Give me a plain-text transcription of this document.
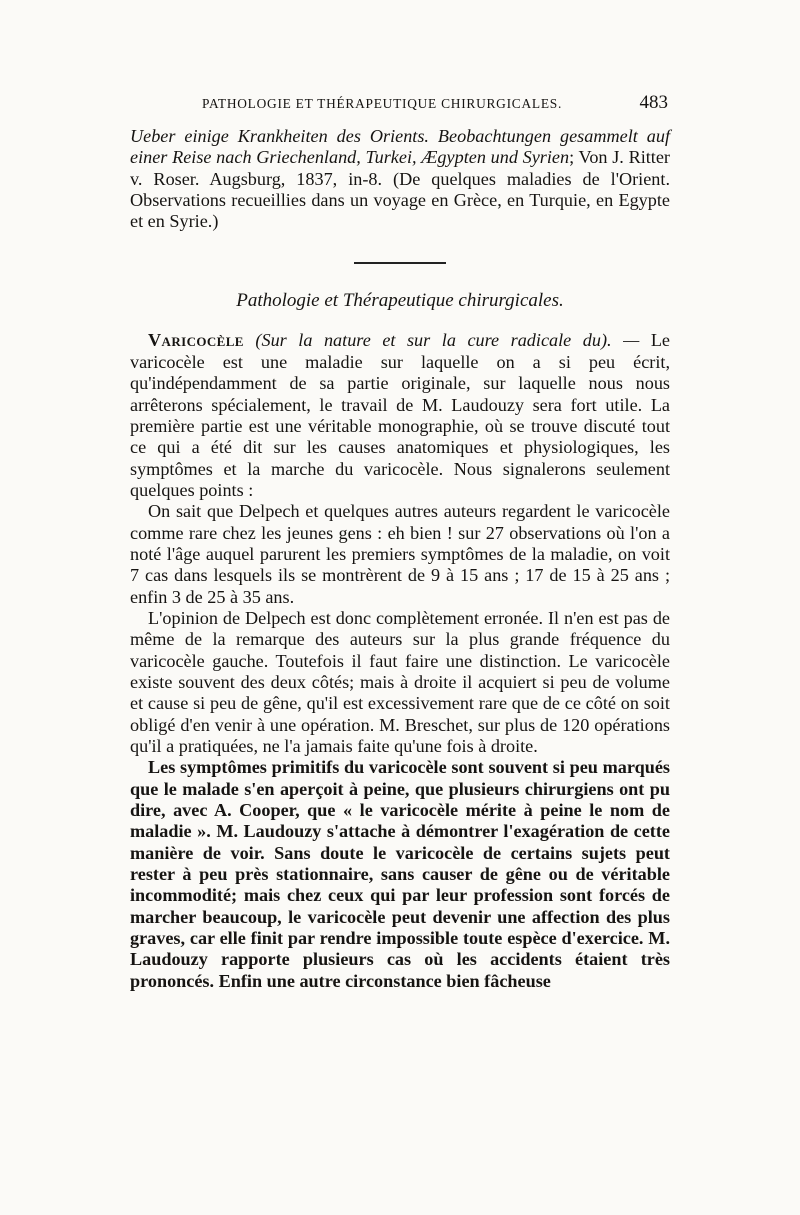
PATHOLOGIE ET THÉRAPEUTIQUE CHIRURGICALES.	483

Ueber einige Krankheiten des Orients. Beobachtungen gesammelt auf einer Reise nach Griechenland, Turkei, Ægypten und Syrien; Von J. Ritter v. Roser. Augsburg, 1837, in-8. (De quelques maladies de l'Orient. Observations recueillies dans un voyage en Grèce, en Turquie, en Egypte et en Syrie.)

Pathologie et Thérapeutique chirurgicales.

Varicocèle (Sur la nature et sur la cure radicale du). — Le varicocèle est une maladie sur laquelle on a si peu écrit, qu'indépendamment de sa partie originale, sur laquelle nous nous arrêterons spécialement, le travail de M. Laudouzy sera fort utile. La première partie est une véritable monographie, où se trouve discuté tout ce qui a été dit sur les causes anatomiques et physiologiques, les symptômes et la marche du varicocèle. Nous signalerons seulement quelques points :

On sait que Delpech et quelques autres auteurs regardent le varicocèle comme rare chez les jeunes gens : eh bien ! sur 27 observations où l'on a noté l'âge auquel parurent les premiers symptômes de la maladie, on voit 7 cas dans lesquels ils se montrèrent de 9 à 15 ans ; 17 de 15 à 25 ans ; enfin 3 de 25 à 35 ans.

L'opinion de Delpech est donc complètement erronée. Il n'en est pas de même de la remarque des auteurs sur la plus grande fréquence du varicocèle gauche. Toutefois il faut faire une distinction. Le varicocèle existe souvent des deux côtés; mais à droite il acquiert si peu de volume et cause si peu de gêne, qu'il est excessivement rare que de ce côté on soit obligé d'en venir à une opération. M. Breschet, sur plus de 120 opérations qu'il a pratiquées, ne l'a jamais faite qu'une fois à droite.

Les symptômes primitifs du varicocèle sont souvent si peu marqués que le malade s'en aperçoit à peine, que plusieurs chirurgiens ont pu dire, avec A. Cooper, que « le varicocèle mérite à peine le nom de maladie ». M. Laudouzy s'attache à démontrer l'exagération de cette manière de voir. Sans doute le varicocèle de certains sujets peut rester à peu près stationnaire, sans causer de gêne ou de véritable incommodité; mais chez ceux qui par leur profession sont forcés de marcher beaucoup, le varicocèle peut devenir une affection des plus graves, car elle finit par rendre impossible toute espèce d'exercice. M. Laudouzy rapporte plusieurs cas où les accidents étaient très prononcés. Enfin une autre circonstance bien fâcheuse
